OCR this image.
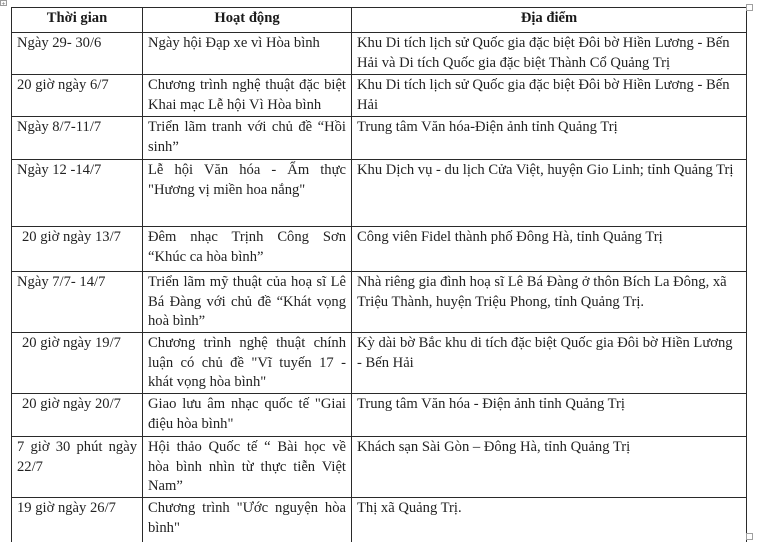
+
Thời gian	Hoạt động	Địa điểm
Ngày 29- 30/6	Ngày hội Đạp xe vì Hòa bình	Khu Di tích lịch sử Quốc gia đặc biệt Đôi bờ Hiền Lương - Bến Hải và Di tích Quốc gia đặc biệt Thành Cổ Quảng Trị
20 giờ ngày 6/7	Chương trình nghệ thuật đặc biệt Khai mạc Lễ hội Vì Hòa bình	Khu Di tích lịch sử Quốc gia đặc biệt Đôi bờ Hiền Lương - Bến Hải
Ngày 8/7-11/7	Triển lãm tranh với chủ đề “Hồi sinh”	Trung tâm Văn hóa-Điện ảnh tỉnh Quảng Trị
Ngày 12 -14/7	Lễ hội Văn hóa - Ẩm thực "Hương vị miền hoa nắng"	Khu Dịch vụ - du lịch Cửa Việt, huyện Gio Linh; tỉnh Quảng Trị
20 giờ ngày 13/7	Đêm nhạc Trịnh Công Sơn “Khúc ca hòa bình”	Công viên Fidel thành phố Đông Hà, tỉnh Quảng Trị
Ngày 7/7- 14/7	Triển lãm mỹ thuật của hoạ sĩ Lê Bá Đàng với chủ đề “Khát vọng hoà bình”	Nhà riêng gia đình hoạ sĩ Lê Bá Đàng ở thôn Bích La Đông, xã Triệu Thành, huyện Triệu Phong, tỉnh Quảng Trị.
20 giờ ngày 19/7	Chương trình nghệ thuật chính luận có chủ đề "Vĩ tuyến 17 - khát vọng hòa bình"	Kỳ dài bờ Bắc khu di tích đặc biệt Quốc gia Đôi bờ Hiền Lương - Bến Hải
20 giờ ngày 20/7	Giao lưu âm nhạc quốc tế "Giai điệu hòa bình"	Trung tâm Văn hóa - Điện ảnh tỉnh Quảng Trị
7 giờ 30 phút ngày 22/7	Hội thảo Quốc tế “ Bài học về hòa bình nhìn từ thực tiễn Việt Nam”	Khách sạn Sài Gòn – Đông Hà, tỉnh Quảng Trị
19 giờ ngày 26/7	Chương trình "Ước nguyện hòa bình"	Thị xã Quảng Trị.
